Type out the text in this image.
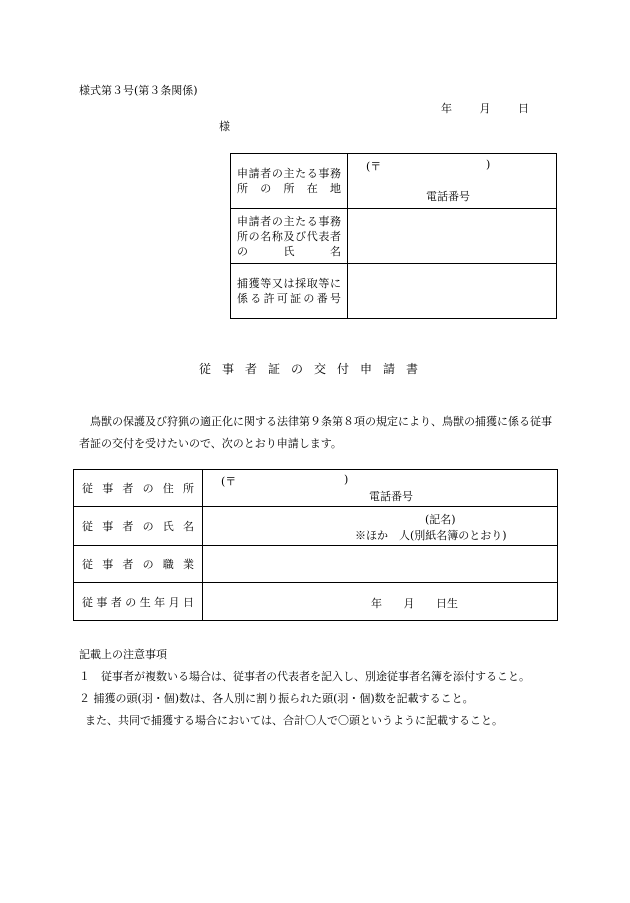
様式第３号(第３条関係)
年	月	日
様
申請者の主たる事務所の所在地	(〒 )
電話番号

申請者の主たる事務所の名称及び代表者の氏名	
捕獲等又は採取等に係る許可証の番号	
従事者証の交付申請書
鳥獣の保護及び狩猟の適正化に関する法律第９条第８項の規定により、鳥獣の捕獲に係る従事者証の交付を受けたいので、次のとおり申請します。
従事者の住所	(〒 )
電話番号

従事者の氏名	(記名)
※ほか　人(別紙名簿のとおり)

従事者の職業	
従事者の生年月日	年 月 日生
記載上の注意事項
１　従事者が複数いる場合は、従事者の代表者を記入し、別途従事者名簿を添付すること。
２ 捕獲の頭(羽・個)数は、各人別に割り振られた頭(羽・個)数を記載すること。
また、共同で捕獲する場合においては、合計〇人で〇頭というように記載すること。
